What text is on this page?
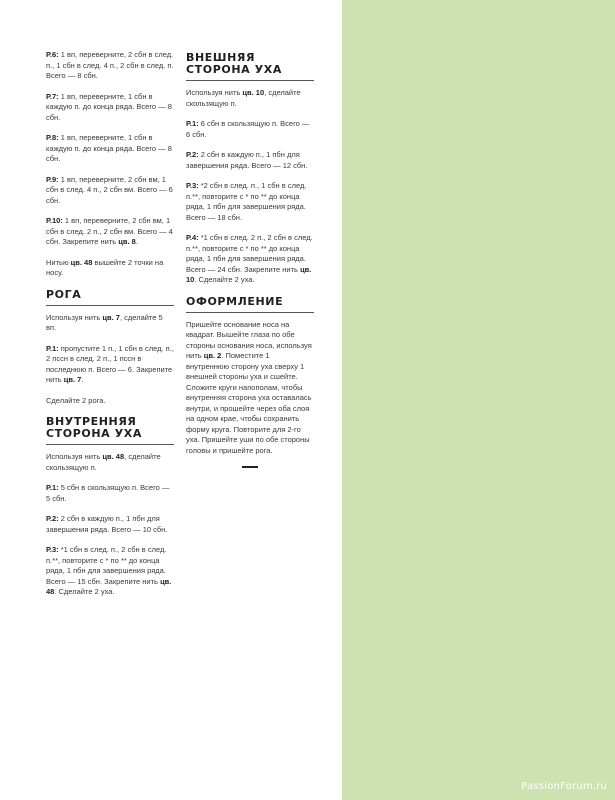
Р.6: 1 вп, переверните, 2 сбн в след. п., 1 сбн в след. 4 п., 2 сбн в след. п. Всего — 8 сбн.

Р.7: 1 вп, переверните, 1 сбн в каждую п. до конца ряда. Всего — 8 сбн.

Р.8: 1 вп, переверните, 1 сбн в каждую п. до конца ряда. Всего — 8 сбн.

Р.9: 1 вп, переверните, 2 сбн вм, 1 сбн в след. 4 п., 2 сбн вм. Всего — 6 сбн.

Р.10: 1 вп, переверните, 2 сбн вм, 1 сбн в след. 2 п., 2 сбн вм. Всего — 4 сбн. Закрепите нить цв. 8.

Нитью цв. 48 вышейте 2 точки на носу.

РОГА

Используя нить цв. 7, сделайте 5 вп.

Р.1: пропустите 1 п., 1 сбн в след. п., 2 пссн в след. 2 п., 1 пссн в последнюю п. Всего — 6. Закрепите нить цв. 7.

Сделайте 2 рога.

ВНУТРЕННЯЯ
СТОРОНА УХА

Используя нить цв. 48, сделайте скользящую п.

Р.1: 5 сбн в скользящую п. Всего — 5 сбн.

Р.2: 2 сбн в каждую п., 1 пбн для завершения ряда. Всего — 10 сбн.

Р.3: *1 сбн в след. п., 2 сбн в след. п.**, повторите с * по ** до конца ряда, 1 пбн для завершения ряда. Всего — 15 сбн. Закрепите нить цв. 48. Сделайте 2 уха.

ВНЕШНЯЯ
СТОРОНА УХА

Используя нить цв. 10, сделайте скользящую п.

Р.1: 6 сбн в скользящую п. Всего — 6 сбн.

Р.2: 2 сбн в каждую п., 1 пбн для завершения ряда. Всего — 12 сбн.

Р.3: *2 сбн в след. п., 1 сбн в след. п.**, повторите с * по ** до конца ряда, 1 пбн для завершения ряда. Всего — 18 сбн.

Р.4: *1 сбн в след. 2 п., 2 сбн в след. п.**, повторите с * по ** до конца ряда, 1 пбн для завершения ряда. Всего — 24 сбн. Закрепите нить цв. 10. Сделайте 2 уха.

ОФОРМЛЕНИЕ

Пришейте основание носа на квадрат. Вышейте глаза по обе стороны основания носа, используя нить цв. 2. Поместите 1 внутреннюю сторону уха сверху 1 внешней стороны уха и сшейте. Сложите круги напополам, чтобы внутренняя сторона уха оставалась внутри, и прошейте через оба слоя на одном крае, чтобы сохранить форму круга. Повторите для 2-го уха. Пришейте уши по обе стороны головы и пришейте рога.

PassionForum.ru
